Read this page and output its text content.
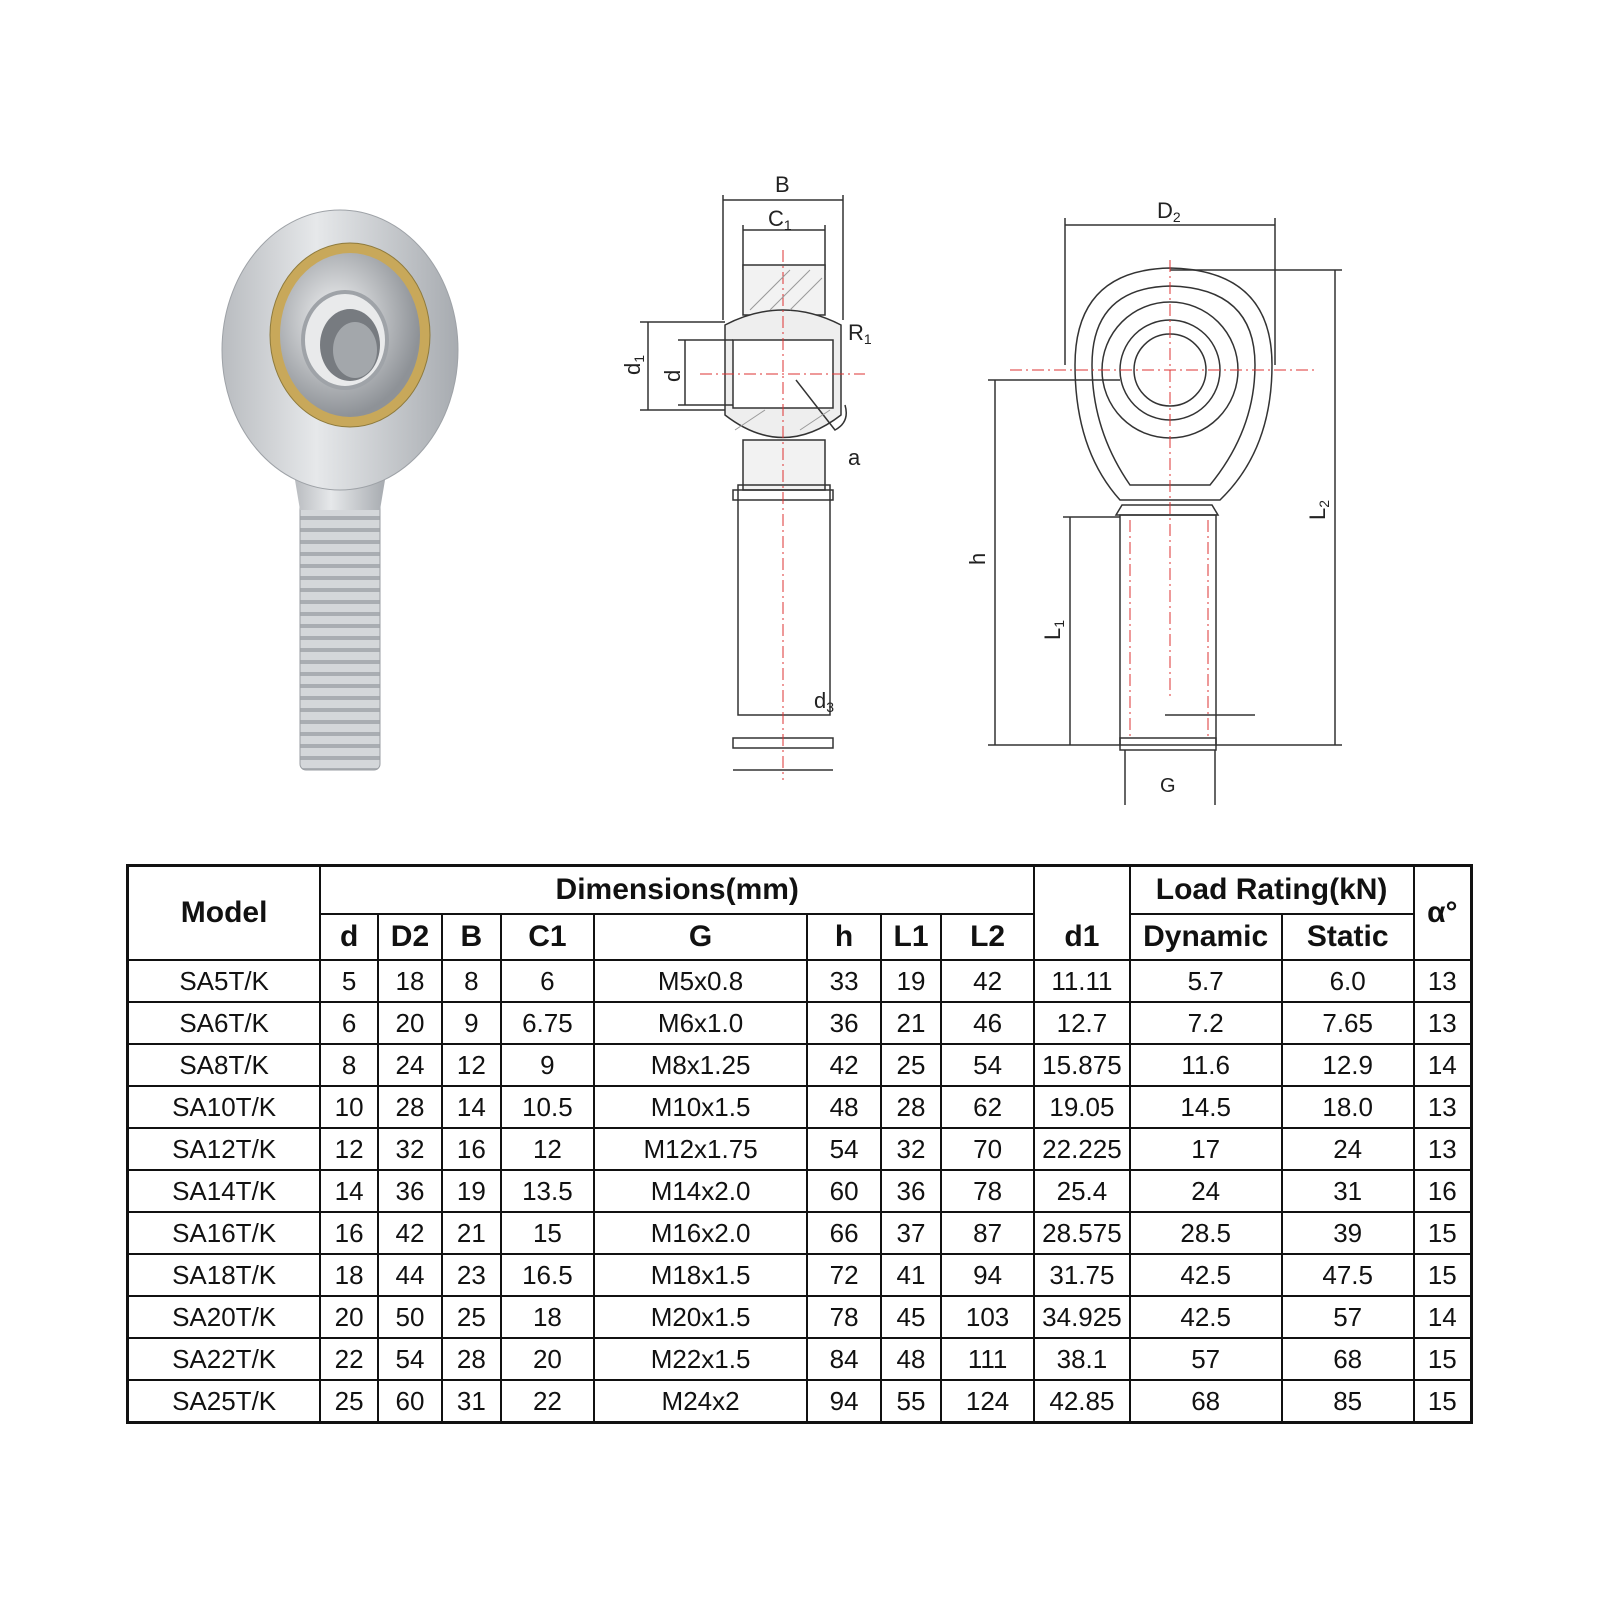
B
C1
R1
d1
d
a
d3
D2
L2
h
L1
G
Model	Dimensions(mm)									Load Rating(kN)		α°
	d	D2	B	C1	G	h	L1	L2	d1	Dynamic	Static	
SA5T/K	5	18	8	6	M5x0.8	33	19	42	11.11	5.7	6.0	13
SA6T/K	6	20	9	6.75	M6x1.0	36	21	46	12.7	7.2	7.65	13
SA8T/K	8	24	12	9	M8x1.25	42	25	54	15.875	11.6	12.9	14
SA10T/K	10	28	14	10.5	M10x1.5	48	28	62	19.05	14.5	18.0	13
SA12T/K	12	32	16	12	M12x1.75	54	32	70	22.225	17	24	13
SA14T/K	14	36	19	13.5	M14x2.0	60	36	78	25.4	24	31	16
SA16T/K	16	42	21	15	M16x2.0	66	37	87	28.575	28.5	39	15
SA18T/K	18	44	23	16.5	M18x1.5	72	41	94	31.75	42.5	47.5	15
SA20T/K	20	50	25	18	M20x1.5	78	45	103	34.925	42.5	57	14
SA22T/K	22	54	28	20	M22x1.5	84	48	111	38.1	57	68	15
SA25T/K	25	60	31	22	M24x2	94	55	124	42.85	68	85	15
